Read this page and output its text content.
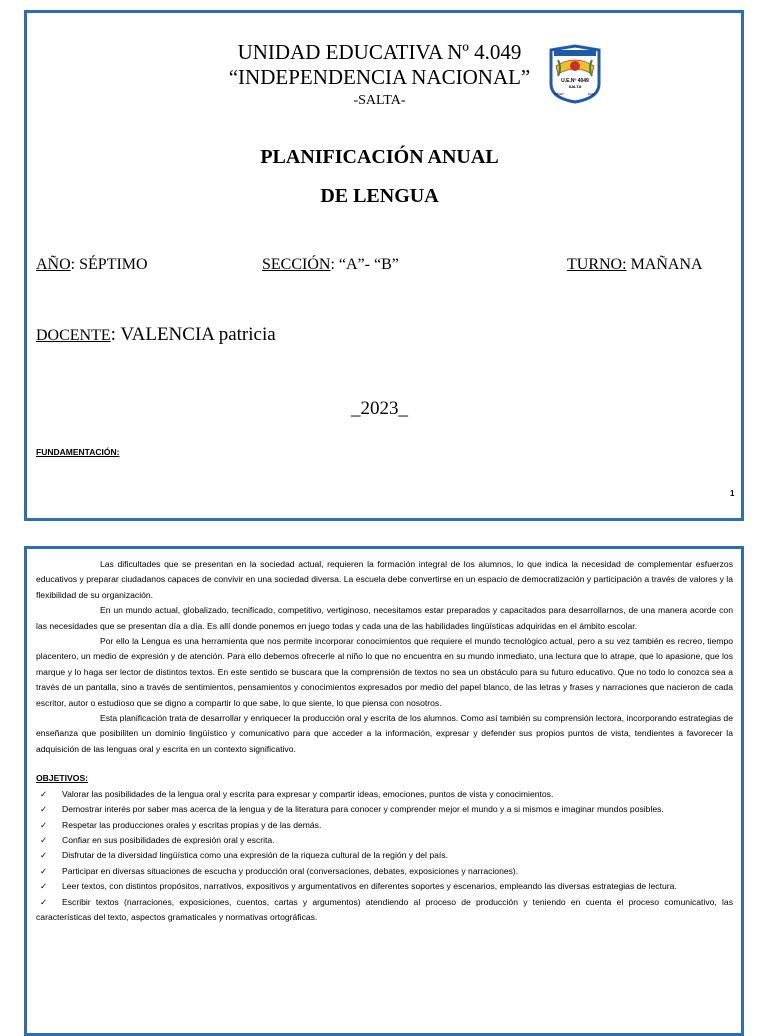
UNIDAD EDUCATIVA Nº 4.049
“INDEPENDENCIA NACIONAL”
-SALTA-
U.E.Nº 4049
SALTA
INDEP	NAC
PLANIFICACIÓN ANUAL
DE LENGUA
AÑO: SÉPTIMO	SECCIÓN: “A”- “B”	TURNO: MAÑANA
DOCENTE: VALENCIA patricia
_2023_
FUNDAMENTACIÓN:
1

Las dificultades que se presentan en la sociedad actual, requieren la formación integral de los alumnos, lo que indica la necesidad de complementar esfuerzos educativos y preparar ciudadanos capaces de convivir en una sociedad diversa. La escuela debe convertirse en un espacio de democratización y participación a través de valores y la flexibilidad de su organización.

En un mundo actual, globalizado, tecnificado, competitivo, vertiginoso, necesitamos estar preparados y capacitados para desarrollarnos, de una manera acorde con las necesidades que se presentan día a día. Es allí donde ponemos en juego todas y cada una de las habilidades lingüísticas adquiridas en el ámbito escolar.

Por ello la Lengua es una herramienta que nos permite incorporar conocimientos que requiere el mundo tecnológico actual, pero a su vez también es recreo, tiempo placentero, un medio de expresión y de atención. Para ello debemos ofrecerle al niño lo que no encuentra en su mundo inmediato, una lectura que lo atrape, que lo apasione, que los marque y lo haga ser lector de distintos textos. En este sentido se buscara que la comprensión de textos no sea un obstáculo para su futuro educativo. Que no todo lo conozca sea a través de un pantalla, sino a través de sentimientos, pensamientos y conocimientos expresados por medio del papel blanco, de las letras y frases y narraciones que nacieron de cada escritor, autor o estudioso que se digno a compartir lo que sabe, lo que siente, lo que piensa con nosotros.

Esta planificación trata de desarrollar y enriquecer la producción oral y escrita de los alumnos. Como así también su comprensión lectora, incorporando estrategias de enseñanza que posibiliten un dominio lingüístico y comunicativo para que acceder a la información, expresar y defender sus propios puntos de vista, tendientes a favorecer la adquisición de las lenguas oral y escrita en un contexto significativo.

OBJETIVOS:

✓ Valorar las posibilidades de la lengua oral y escrita para expresar y compartir ideas, emociones, puntos de vista y conocimientos.
✓ Demostrar interés por saber mas acerca de la lengua y de la literatura para conocer y comprender mejor el mundo y a si mismos e imaginar mundos posibles.
✓ Respetar las producciones orales y escritas propias y de las demás.
✓ Confiar en sus posibilidades de expresión oral y escrita.
✓ Disfrutar de la diversidad lingüística como una expresión de la riqueza cultural de la región y del país.
✓ Participar en diversas situaciones de escucha y producción oral (conversaciones, debates, exposiciones y narraciones).
✓ Leer textos, con distintos propósitos, narrativos, expositivos y argumentativos en diferentes soportes y escenarios, empleando las diversas estrategias de lectura.
✓ Escribir textos (narraciones, exposiciones, cuentos, cartas y argumentos) atendiendo al proceso de producción y teniendo en cuenta el proceso comunicativo, las características del texto, aspectos gramaticales y normativas ortográficas.
